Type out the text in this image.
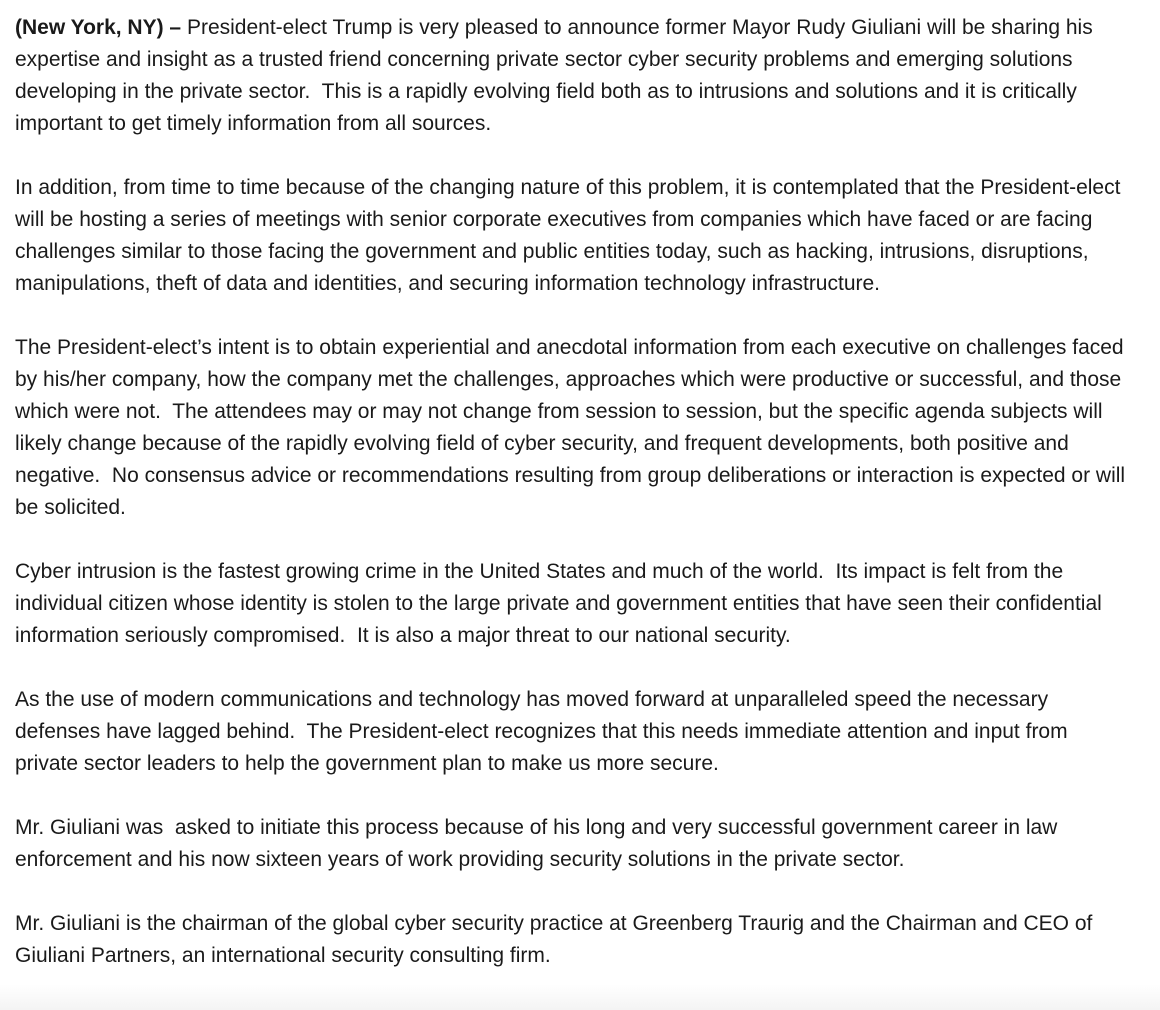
(New York, NY) – President-elect Trump is very pleased to announce former Mayor Rudy Giuliani will be sharing his expertise and insight as a trusted friend concerning private sector cyber security problems and emerging solutions developing in the private sector.  This is a rapidly evolving field both as to intrusions and solutions and it is critically important to get timely information from all sources.

In addition, from time to time because of the changing nature of this problem, it is contemplated that the President-elect will be hosting a series of meetings with senior corporate executives from companies which have faced or are facing challenges similar to those facing the government and public entities today, such as hacking, intrusions, disruptions, manipulations, theft of data and identities, and securing information technology infrastructure.

The President-elect’s intent is to obtain experiential and anecdotal information from each executive on challenges faced by his/her company, how the company met the challenges, approaches which were productive or successful, and those which were not.  The attendees may or may not change from session to session, but the specific agenda subjects will likely change because of the rapidly evolving field of cyber security, and frequent developments, both positive and negative.  No consensus advice or recommendations resulting from group deliberations or interaction is expected or will be solicited.

Cyber intrusion is the fastest growing crime in the United States and much of the world.  Its impact is felt from the individual citizen whose identity is stolen to the large private and government entities that have seen their confidential information seriously compromised.  It is also a major threat to our national security.

As the use of modern communications and technology has moved forward at unparalleled speed the necessary defenses have lagged behind.  The President-elect recognizes that this needs immediate attention and input from private sector leaders to help the government plan to make us more secure.

Mr. Giuliani was  asked to initiate this process because of his long and very successful government career in law enforcement and his now sixteen years of work providing security solutions in the private sector.

Mr. Giuliani is the chairman of the global cyber security practice at Greenberg Traurig and the Chairman and CEO of Giuliani Partners, an international security consulting firm.
